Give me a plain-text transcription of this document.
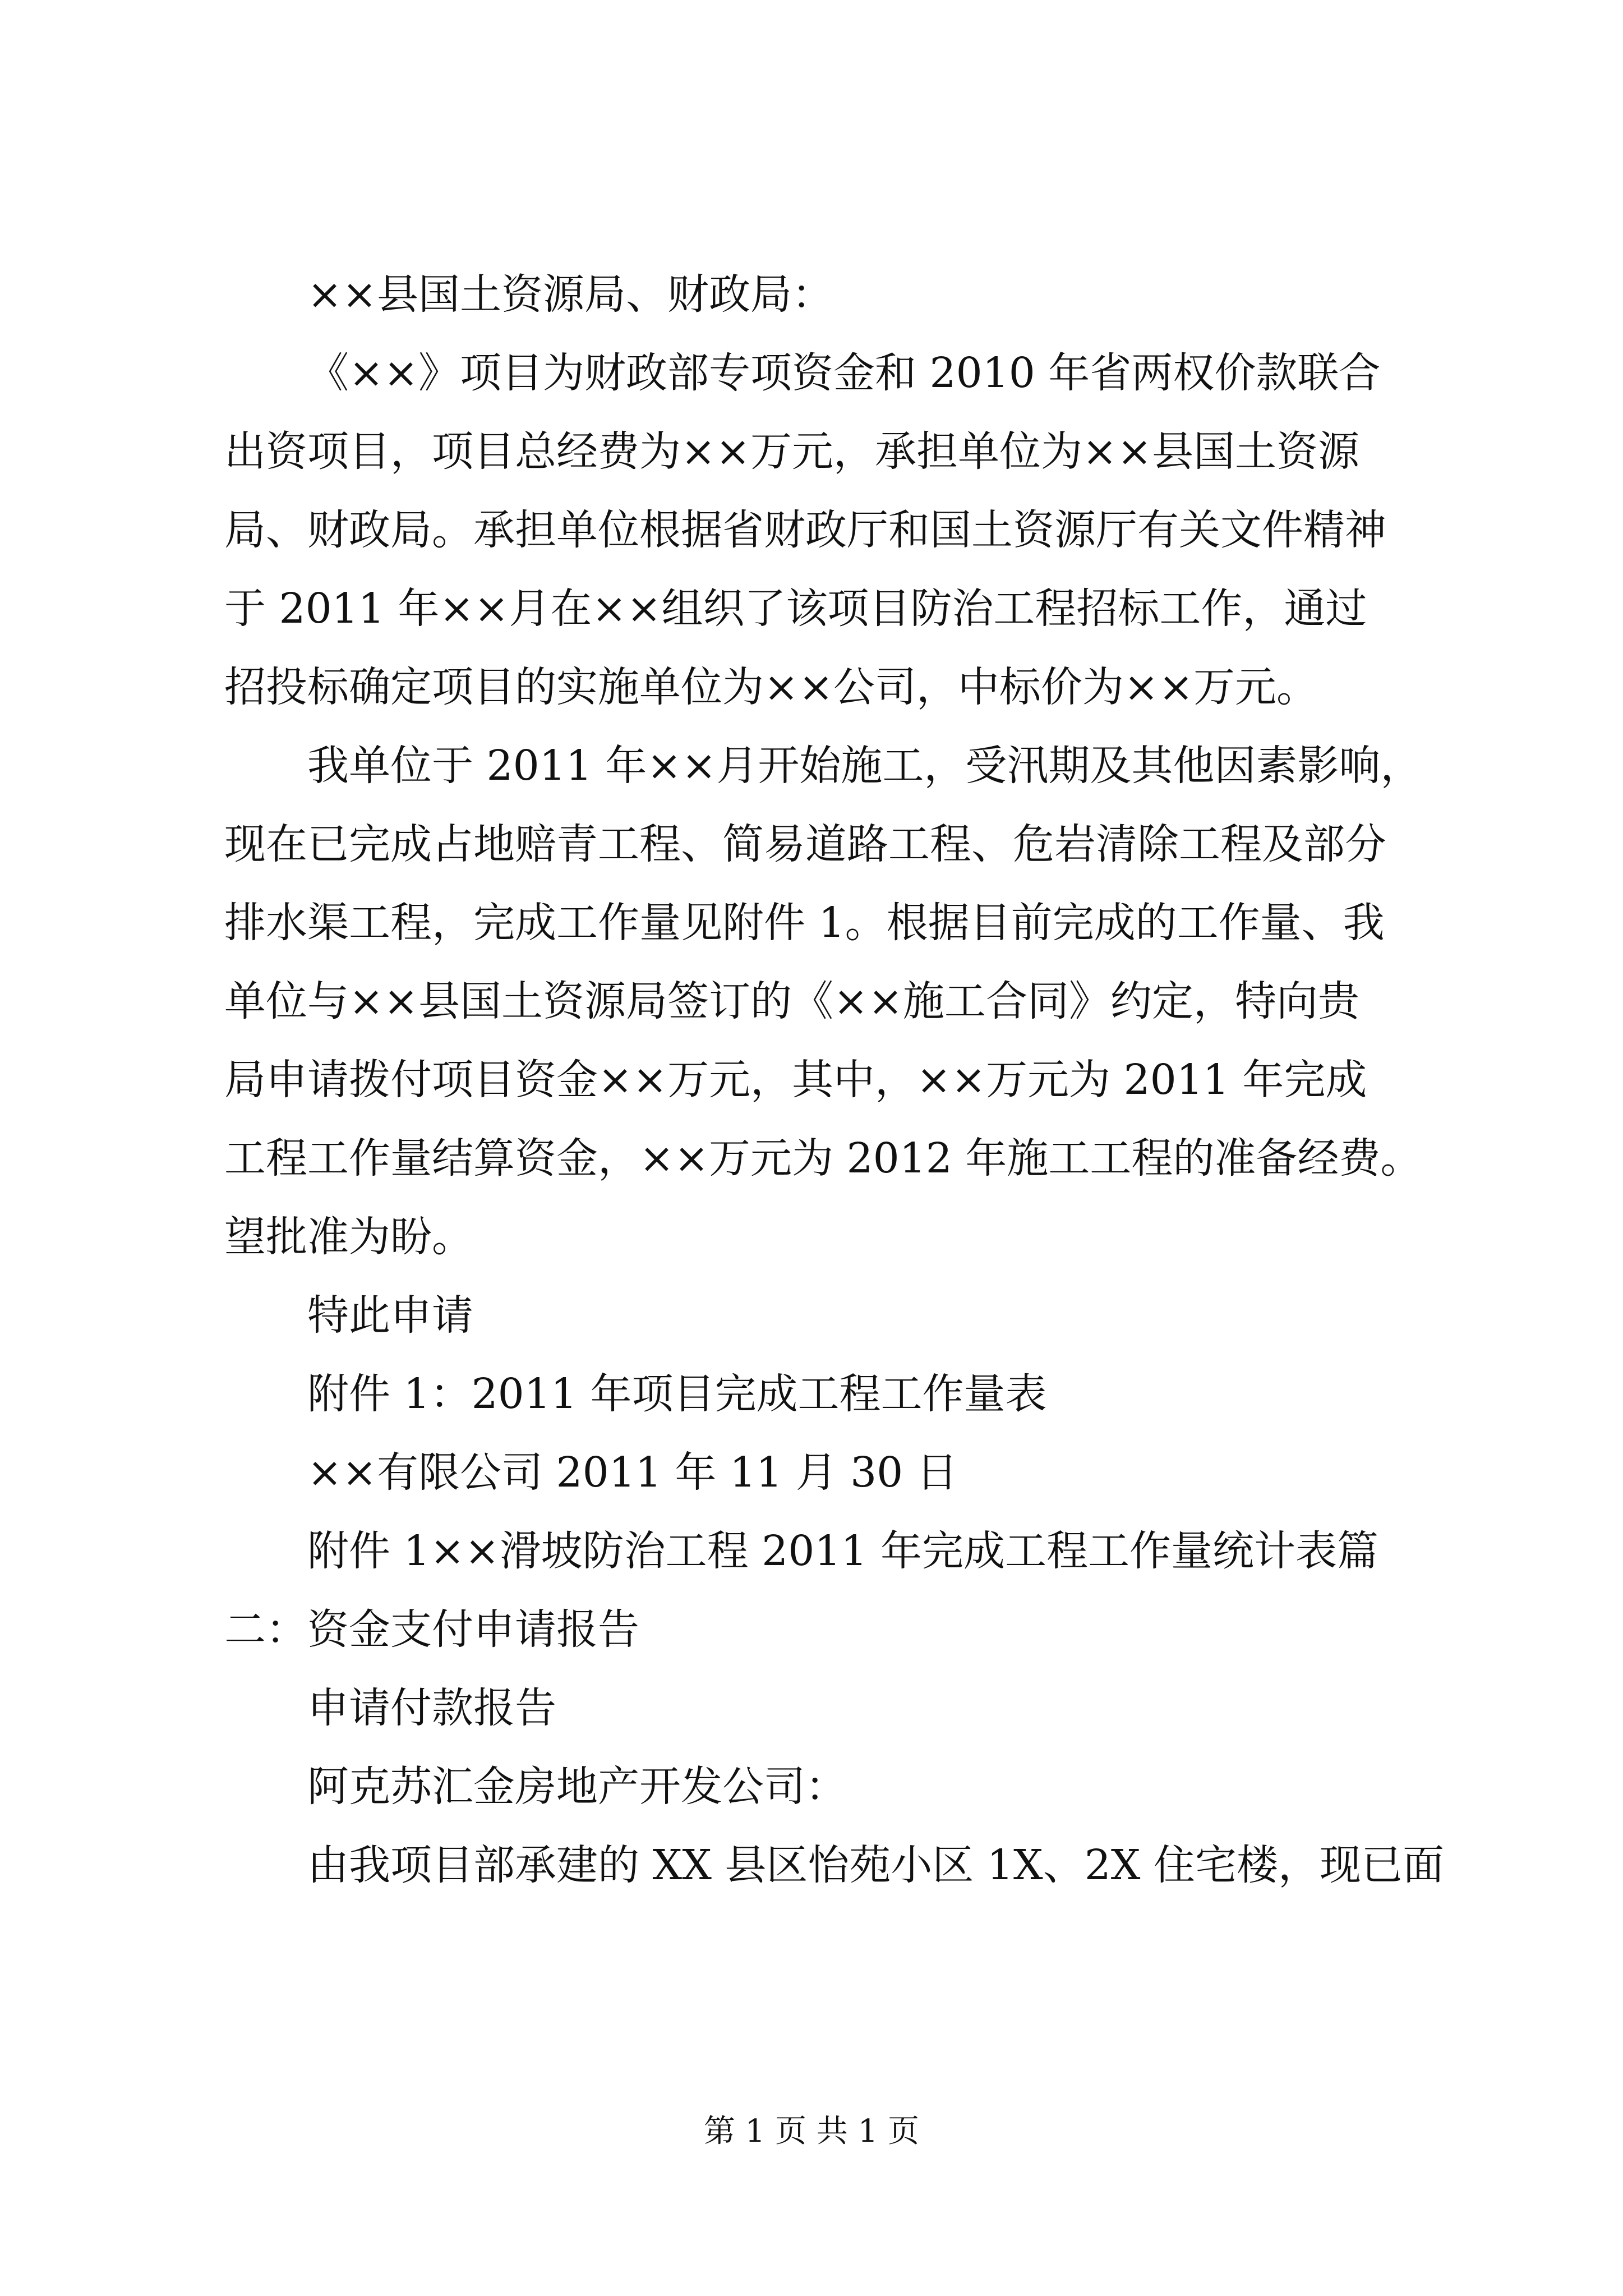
××县国土资源局、财政局：
《××》项目为财政部专项资金和 2010 年省两权价款联合
出资项目，项目总经费为××万元，承担单位为××县国土资源
局、财政局。承担单位根据省财政厅和国土资源厅有关文件精神
于 2011 年××月在××组织了该项目防治工程招标工作，通过
招投标确定项目的实施单位为××公司，中标价为××万元。
我单位于 2011 年××月开始施工，受汛期及其他因素影响，
现在已完成占地赔青工程、简易道路工程、危岩清除工程及部分
排水渠工程，完成工作量见附件 1。根据目前完成的工作量、我
单位与××县国土资源局签订的《××施工合同》约定，特向贵
局申请拨付项目资金××万元，其中，××万元为 2011 年完成
工程工作量结算资金，××万元为 2012 年施工工程的准备经费。
望批准为盼。
特此申请
附件 1：2011 年项目完成工程工作量表
××有限公司 2011 年 11 月 30 日
附件 1××滑坡防治工程 2011 年完成工程工作量统计表篇
二：资金支付申请报告
申请付款报告
阿克苏汇金房地产开发公司：
由我项目部承建的 XX 县区怡苑小区 1X、2X 住宅楼，现已面
第 1 页 共 1 页
